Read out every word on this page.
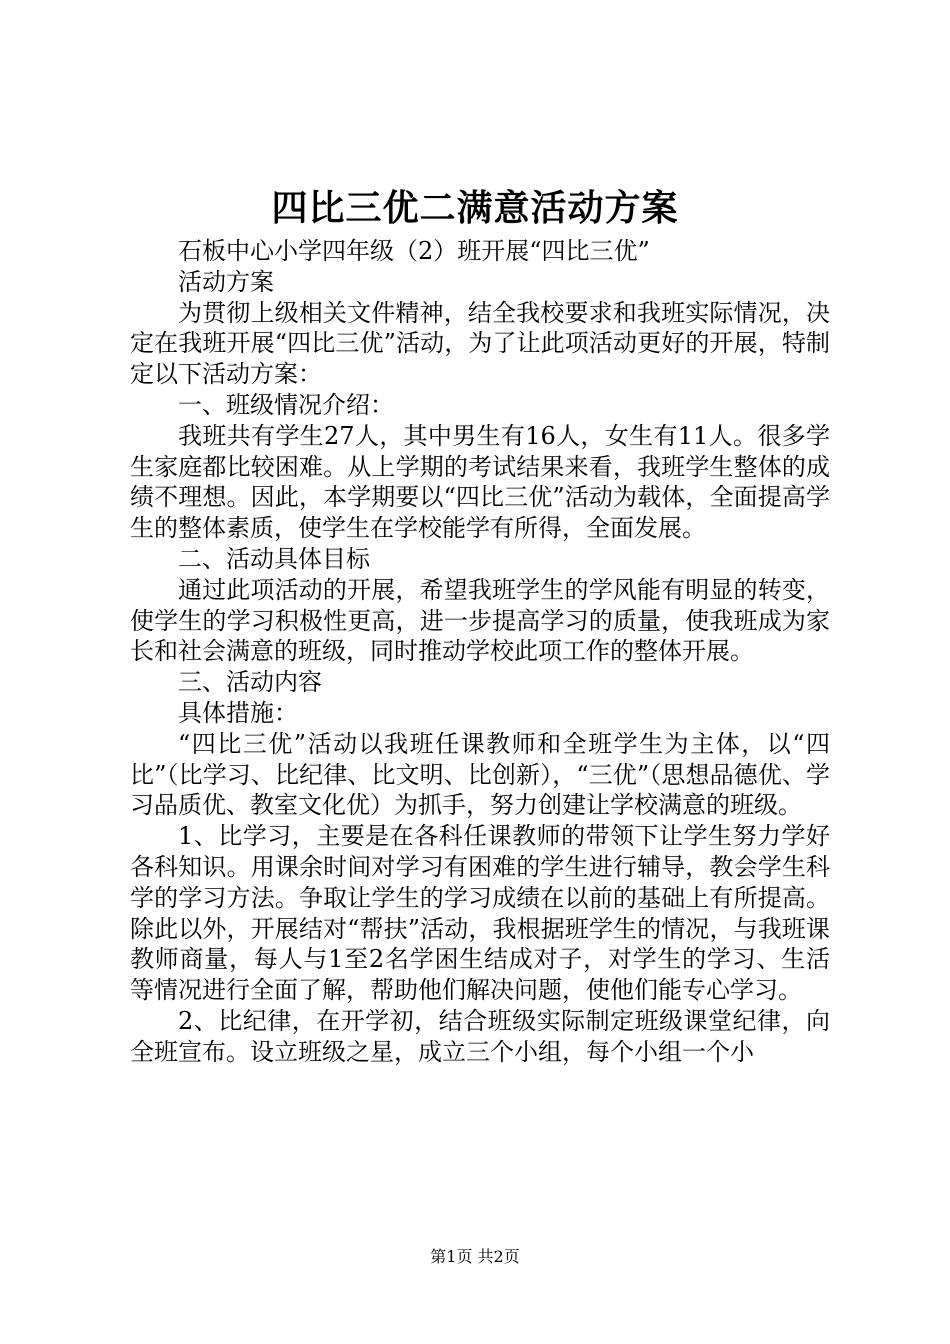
四比三优二满意活动方案

石板中心小学四年级（2）班开展“四比三优”

活动方案

为贯彻上级相关文件精神，结全我校要求和我班实际情况，决定在我班开展“四比三优”活动，为了让此项活动更好的开展，特制定以下活动方案：

一、班级情况介绍：

我班共有学生27人，其中男生有16人，女生有11人。很多学生家庭都比较困难。从上学期的考试结果来看，我班学生整体的成绩不理想。因此，本学期要以“四比三优”活动为载体，全面提高学生的整体素质，使学生在学校能学有所得，全面发展。

二、活动具体目标

通过此项活动的开展，希望我班学生的学风能有明显的转变，使学生的学习积极性更高，进一步提高学习的质量，使我班成为家长和社会满意的班级，同时推动学校此项工作的整体开展。

三、活动内容

具体措施：

“四比三优”活动以我班任课教师和全班学生为主体，以“四比”（比学习、比纪律、比文明、比创新），“三优”（思想品德优、学习品质优、教室文化优）为抓手，努力创建让学校满意的班级。

1、比学习，主要是在各科任课教师的带领下让学生努力学好各科知识。用课余时间对学习有困难的学生进行辅导，教会学生科学的学习方法。争取让学生的学习成绩在以前的基础上有所提高。除此以外，开展结对“帮扶”活动，我根据班学生的情况，与我班课教师商量，每人与1至2名学困生结成对子，对学生的学习、生活等情况进行全面了解，帮助他们解决问题，使他们能专心学习。

2、比纪律，在开学初，结合班级实际制定班级课堂纪律，向全班宣布。设立班级之星，成立三个小组，每个小组一个小

第1页 共2页
